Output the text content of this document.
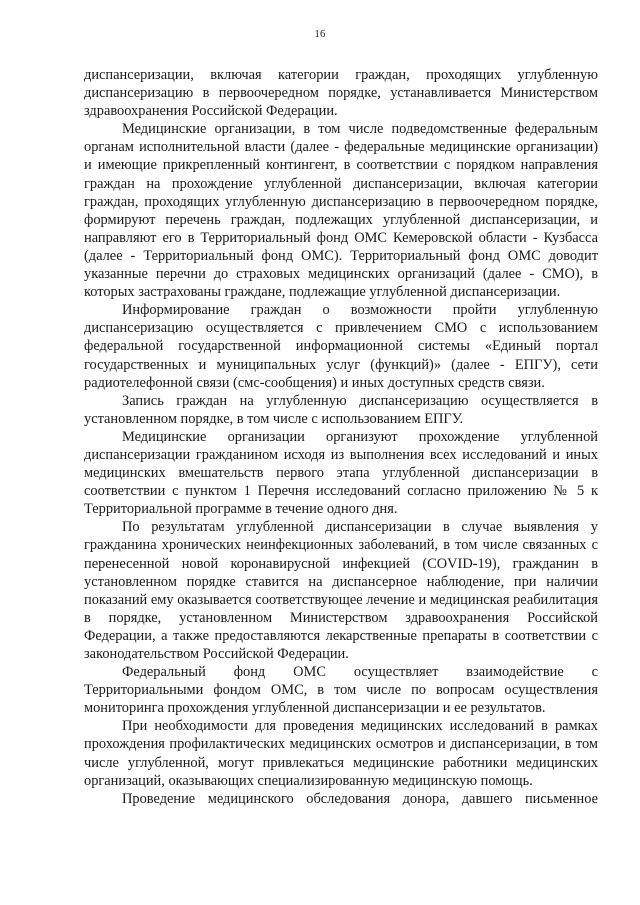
16

диспансеризации, включая категории граждан, проходящих углубленную диспансеризацию в первоочередном порядке, устанавливается Министерством здравоохранения Российской Федерации.

Медицинские организации, в том числе подведомственные федеральным органам исполнительной власти (далее - федеральные медицинские организации) и имеющие прикрепленный контингент, в соответствии с порядком направления граждан на прохождение углубленной диспансеризации, включая категории граждан, проходящих углубленную диспансеризацию в первоочередном порядке, формируют перечень граждан, подлежащих углубленной диспансеризации, и направляют его в Территориальный фонд ОМС Кемеровской области - Кузбасса (далее - Территориальный фонд ОМС). Территориальный фонд ОМС доводит указанные перечни до страховых медицинских организаций (далее - СМО), в которых застрахованы граждане, подлежащие углубленной диспансеризации.

Информирование граждан о возможности пройти углубленную диспансеризацию осуществляется с привлечением СМО с использованием федеральной государственной информационной системы «Единый портал государственных и муниципальных услуг (функций)» (далее - ЕПГУ), сети радиотелефонной связи (смс-сообщения) и иных доступных средств связи.

Запись граждан на углубленную диспансеризацию осуществляется в установленном порядке, в том числе с использованием ЕПГУ.

Медицинские организации организуют прохождение углубленной диспансеризации гражданином исходя из выполнения всех исследований и иных медицинских вмешательств первого этапа углубленной диспансеризации в соответствии с пунктом 1 Перечня исследований согласно приложению № 5 к Территориальной программе в течение одного дня.

По результатам углубленной диспансеризации в случае выявления у гражданина хронических неинфекционных заболеваний, в том числе связанных с перенесенной новой коронавирусной инфекцией (COVID-19), гражданин в установленном порядке ставится на диспансерное наблюдение, при наличии показаний ему оказывается соответствующее лечение и медицинская реабилитация в порядке, установленном Министерством здравоохранения Российской Федерации, а также предоставляются лекарственные препараты в соответствии с законодательством Российской Федерации.

Федеральный фонд ОМС осуществляет взаимодействие с Территориальными фондом ОМС, в том числе по вопросам осуществления мониторинга прохождения углубленной диспансеризации и ее результатов.

При необходимости для проведения медицинских исследований в рамках прохождения профилактических медицинских осмотров и диспансеризации, в том числе углубленной, могут привлекаться медицинские работники медицинских организаций, оказывающих специализированную медицинскую помощь.

Проведение медицинского обследования донора, давшего письменное
